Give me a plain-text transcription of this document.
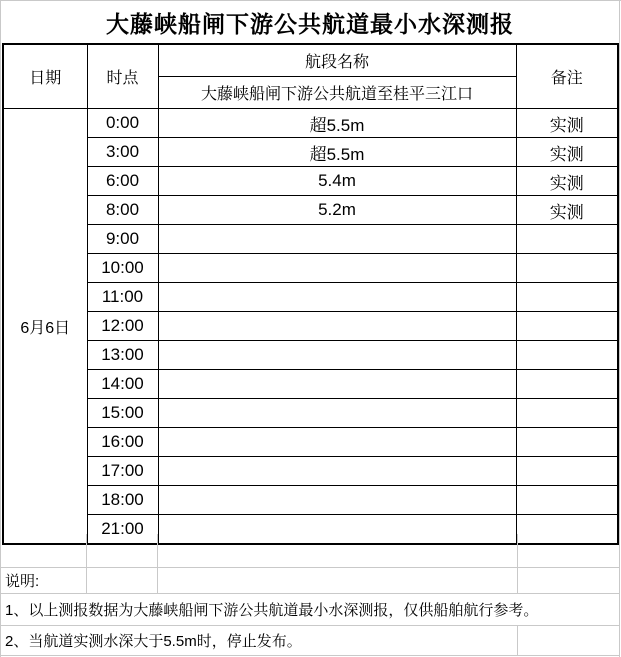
大藤峡船闸下游公共航道最小水深测报
日期	时点	航段名称	备注
		大藤峡船闸下游公共航道至桂平三江口	
6月6日	0:00	超5.5m	实测
	3:00	超5.5m	实测
	6:00	5.4m	实测
	8:00	5.2m	实测
	9:00		
	10:00		
	11:00		
	12:00		
	13:00		
	14:00		
	15:00		
	16:00		
	17:00		
	18:00		
	21:00		
说明:
1、以上测报数据为大藤峡船闸下游公共航道最小水深测报，仅供船舶航行参考。
2、当航道实测水深大于5.5m时，停止发布。
